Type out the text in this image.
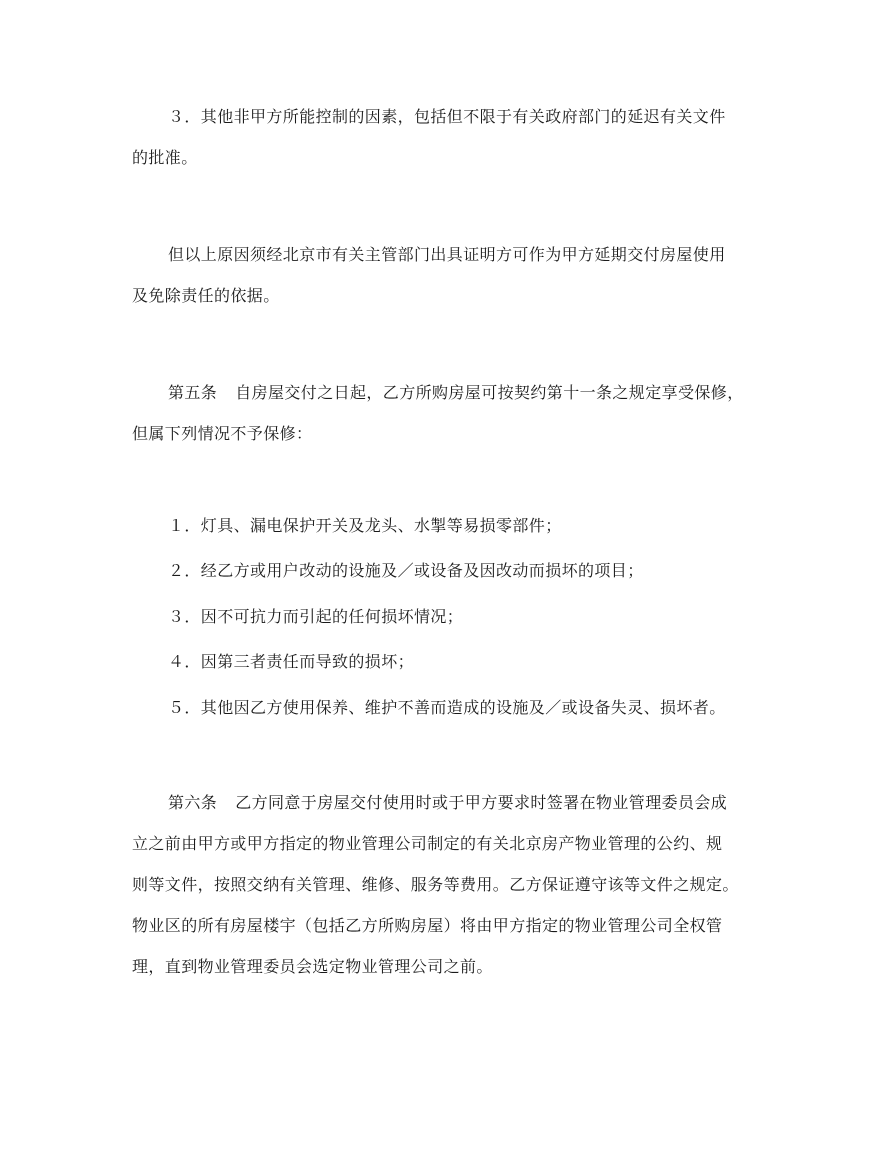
３．其他非甲方所能控制的因素，包括但不限于有关政府部门的延迟有关文件
的批准。
但以上原因须经北京市有关主管部门出具证明方可作为甲方延期交付房屋使用
及免除责任的依据。
第五条 自房屋交付之日起，乙方所购房屋可按契约第十一条之规定享受保修，
但属下列情况不予保修：
１．灯具、漏电保护开关及龙头、水掣等易损零部件；
２．经乙方或用户改动的设施及／或设备及因改动而损坏的项目；
３．因不可抗力而引起的任何损坏情况；
４．因第三者责任而导致的损坏；
５．其他因乙方使用保养、维护不善而造成的设施及／或设备失灵、损坏者。
第六条 乙方同意于房屋交付使用时或于甲方要求时签署在物业管理委员会成
立之前由甲方或甲方指定的物业管理公司制定的有关北京房产物业管理的公约、规
则等文件，按照交纳有关管理、维修、服务等费用。乙方保证遵守该等文件之规定。
物业区的所有房屋楼宇（包括乙方所购房屋）将由甲方指定的物业管理公司全权管
理，直到物业管理委员会选定物业管理公司之前。
